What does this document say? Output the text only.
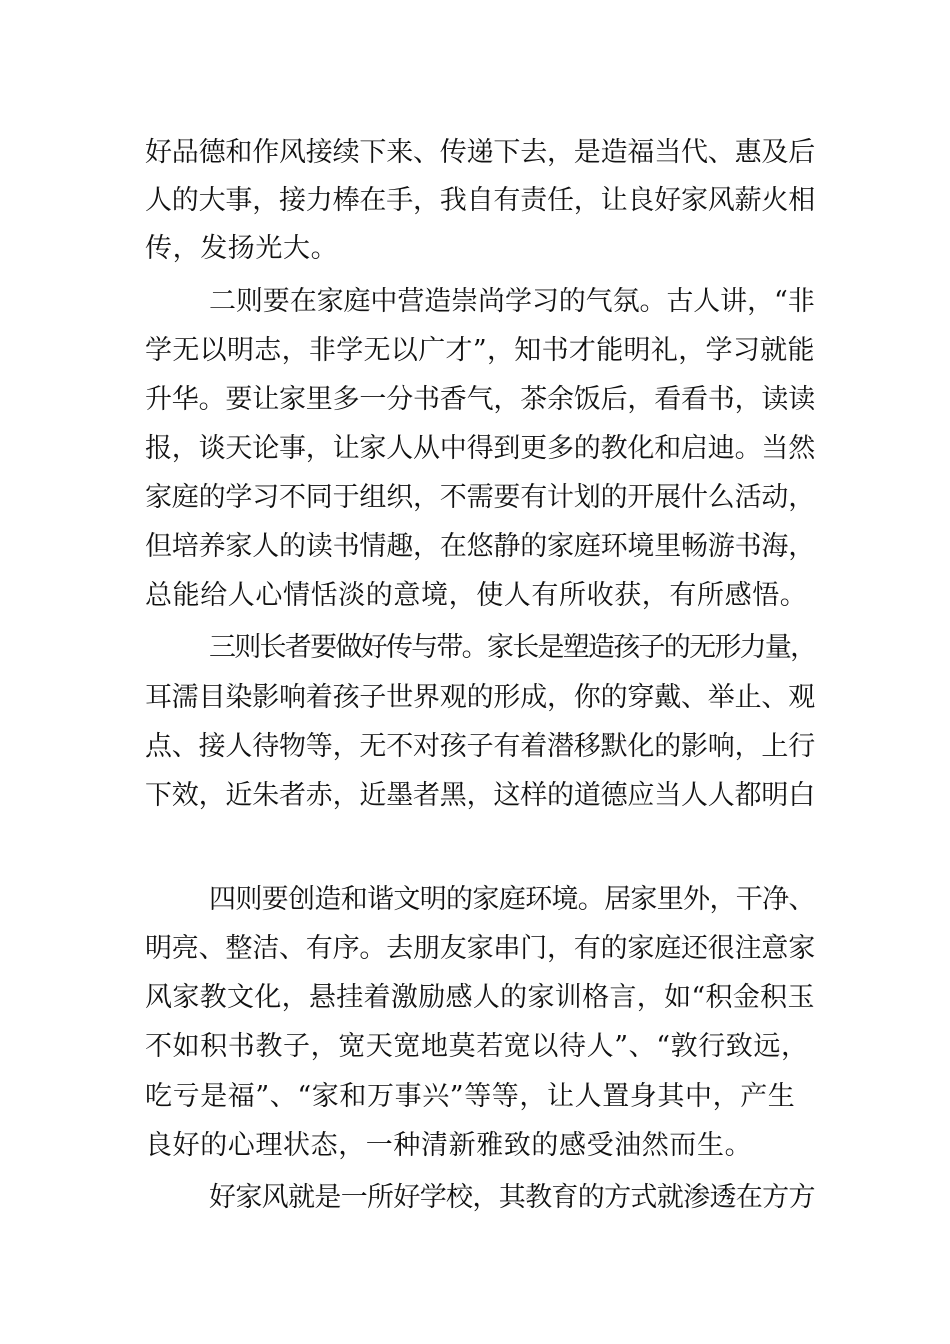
好品德和作风接续下来、传递下去，是造福当代、惠及后
人的大事，接力棒在手，我自有责任，让良好家风薪火相
传，发扬光大。
二则要在家庭中营造崇尚学习的气氛。古人讲，“非
学无以明志，非学无以广才”，知书才能明礼，学习就能
升华。要让家里多一分书香气，茶余饭后，看看书，读读
报，谈天论事，让家人从中得到更多的教化和启迪。当然
家庭的学习不同于组织，不需要有计划的开展什么活动，
但培养家人的读书情趣，在悠静的家庭环境里畅游书海，
总能给人心情恬淡的意境，使人有所收获，有所感悟。
三则长者要做好传与带。家长是塑造孩子的无形力量，
耳濡目染影响着孩子世界观的形成，你的穿戴、举止、观
点、接人待物等，无不对孩子有着潜移默化的影响，上行
下效，近朱者赤，近墨者黑，这样的道德应当人人都明白
四则要创造和谐文明的家庭环境。居家里外，干净、
明亮、整洁、有序。去朋友家串门，有的家庭还很注意家
风家教文化，悬挂着激励感人的家训格言，如“积金积玉
不如积书教子，宽天宽地莫若宽以待人”、“敦行致远，
吃亏是福”、“家和万事兴”等等，让人置身其中，产生
良好的心理状态，一种清新雅致的感受油然而生。
好家风就是一所好学校，其教育的方式就渗透在方方
